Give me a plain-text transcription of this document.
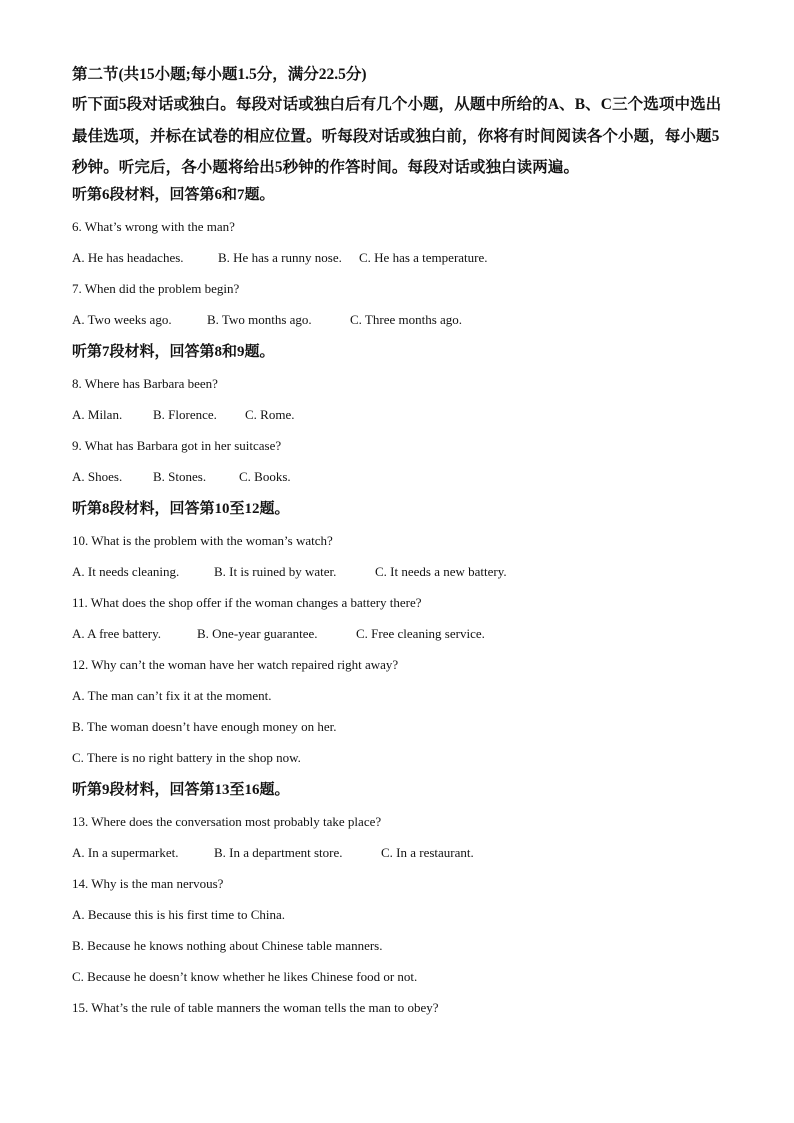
第二节(共15小题;每小题1.5分，满分22.5分)

听下面5段对话或独白。每段对话或独白后有几个小题，从题中所给的A、B、C三个选项中选出最佳选项，并标在试卷的相应位置。听每段对话或独白前，你将有时间阅读各个小题，每小题5秒钟。听完后，各小题将给出5秒钟的作答时间。每段对话或独白读两遍。

听第6段材料，回答第6和7题。

6. What’s wrong with the man?

A. He has headaches.	B. He has a runny nose.	C. He has a temperature.

7. When did the problem begin?

A. Two weeks ago.	B. Two months ago.	C. Three months ago.

听第7段材料，回答第8和9题。

8. Where has Barbara been?

A. Milan.	B. Florence.	C. Rome.

9. What has Barbara got in her suitcase?

A. Shoes.	B. Stones.	C. Books.

听第8段材料，回答第10至12题。

10. What is the problem with the woman’s watch?

A. It needs cleaning.	B. It is ruined by water.	C. It needs a new battery.

11. What does the shop offer if the woman changes a battery there?

A. A free battery.	B. One-year guarantee.	C. Free cleaning service.

12. Why can’t the woman have her watch repaired right away?

A. The man can’t fix it at the moment.

B. The woman doesn’t have enough money on her.

C. There is no right battery in the shop now.

听第9段材料，回答第13至16题。

13. Where does the conversation most probably take place?

A. In a supermarket.	B. In a department store.	C. In a restaurant.

14. Why is the man nervous?

A. Because this is his first time to China.

B. Because he knows nothing about Chinese table manners.

C. Because he doesn’t know whether he likes Chinese food or not.

15. What’s the rule of table manners the woman tells the man to obey?
